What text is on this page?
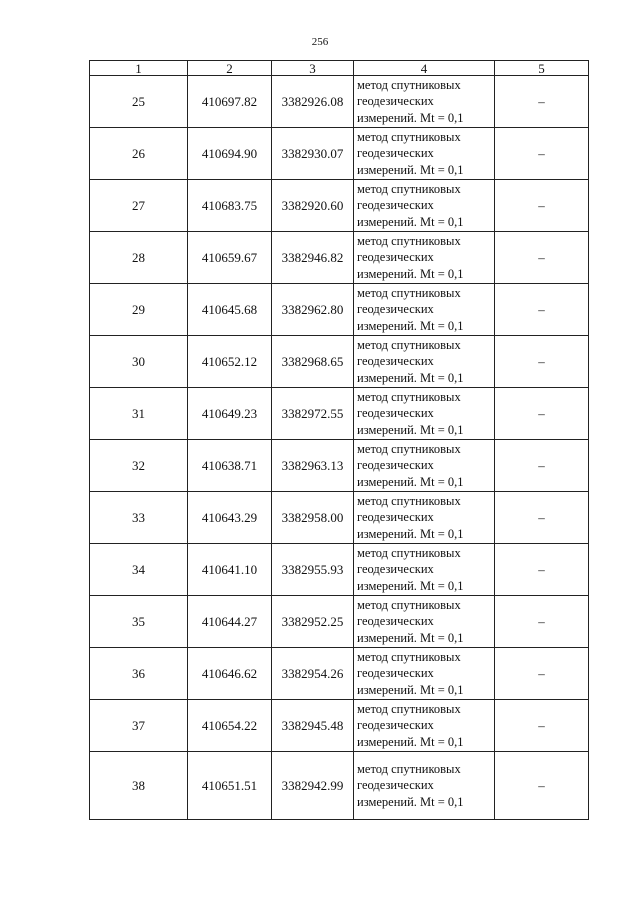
256
1	2	3	4	5
25	410697.82	3382926.08	метод спутниковых
геодезических
измерений. Mt = 0,1	–
26	410694.90	3382930.07	метод спутниковых
геодезических
измерений. Mt = 0,1	–
27	410683.75	3382920.60	метод спутниковых
геодезических
измерений. Mt = 0,1	–
28	410659.67	3382946.82	метод спутниковых
геодезических
измерений. Mt = 0,1	–
29	410645.68	3382962.80	метод спутниковых
геодезических
измерений. Mt = 0,1	–
30	410652.12	3382968.65	метод спутниковых
геодезических
измерений. Mt = 0,1	–
31	410649.23	3382972.55	метод спутниковых
геодезических
измерений. Mt = 0,1	–
32	410638.71	3382963.13	метод спутниковых
геодезических
измерений. Mt = 0,1	–
33	410643.29	3382958.00	метод спутниковых
геодезических
измерений. Mt = 0,1	–
34	410641.10	3382955.93	метод спутниковых
геодезических
измерений. Mt = 0,1	–
35	410644.27	3382952.25	метод спутниковых
геодезических
измерений. Mt = 0,1	–
36	410646.62	3382954.26	метод спутниковых
геодезических
измерений. Mt = 0,1	–
37	410654.22	3382945.48	метод спутниковых
геодезических
измерений. Mt = 0,1	–
38	410651.51	3382942.99	метод спутниковых
геодезических
измерений. Mt = 0,1	–
